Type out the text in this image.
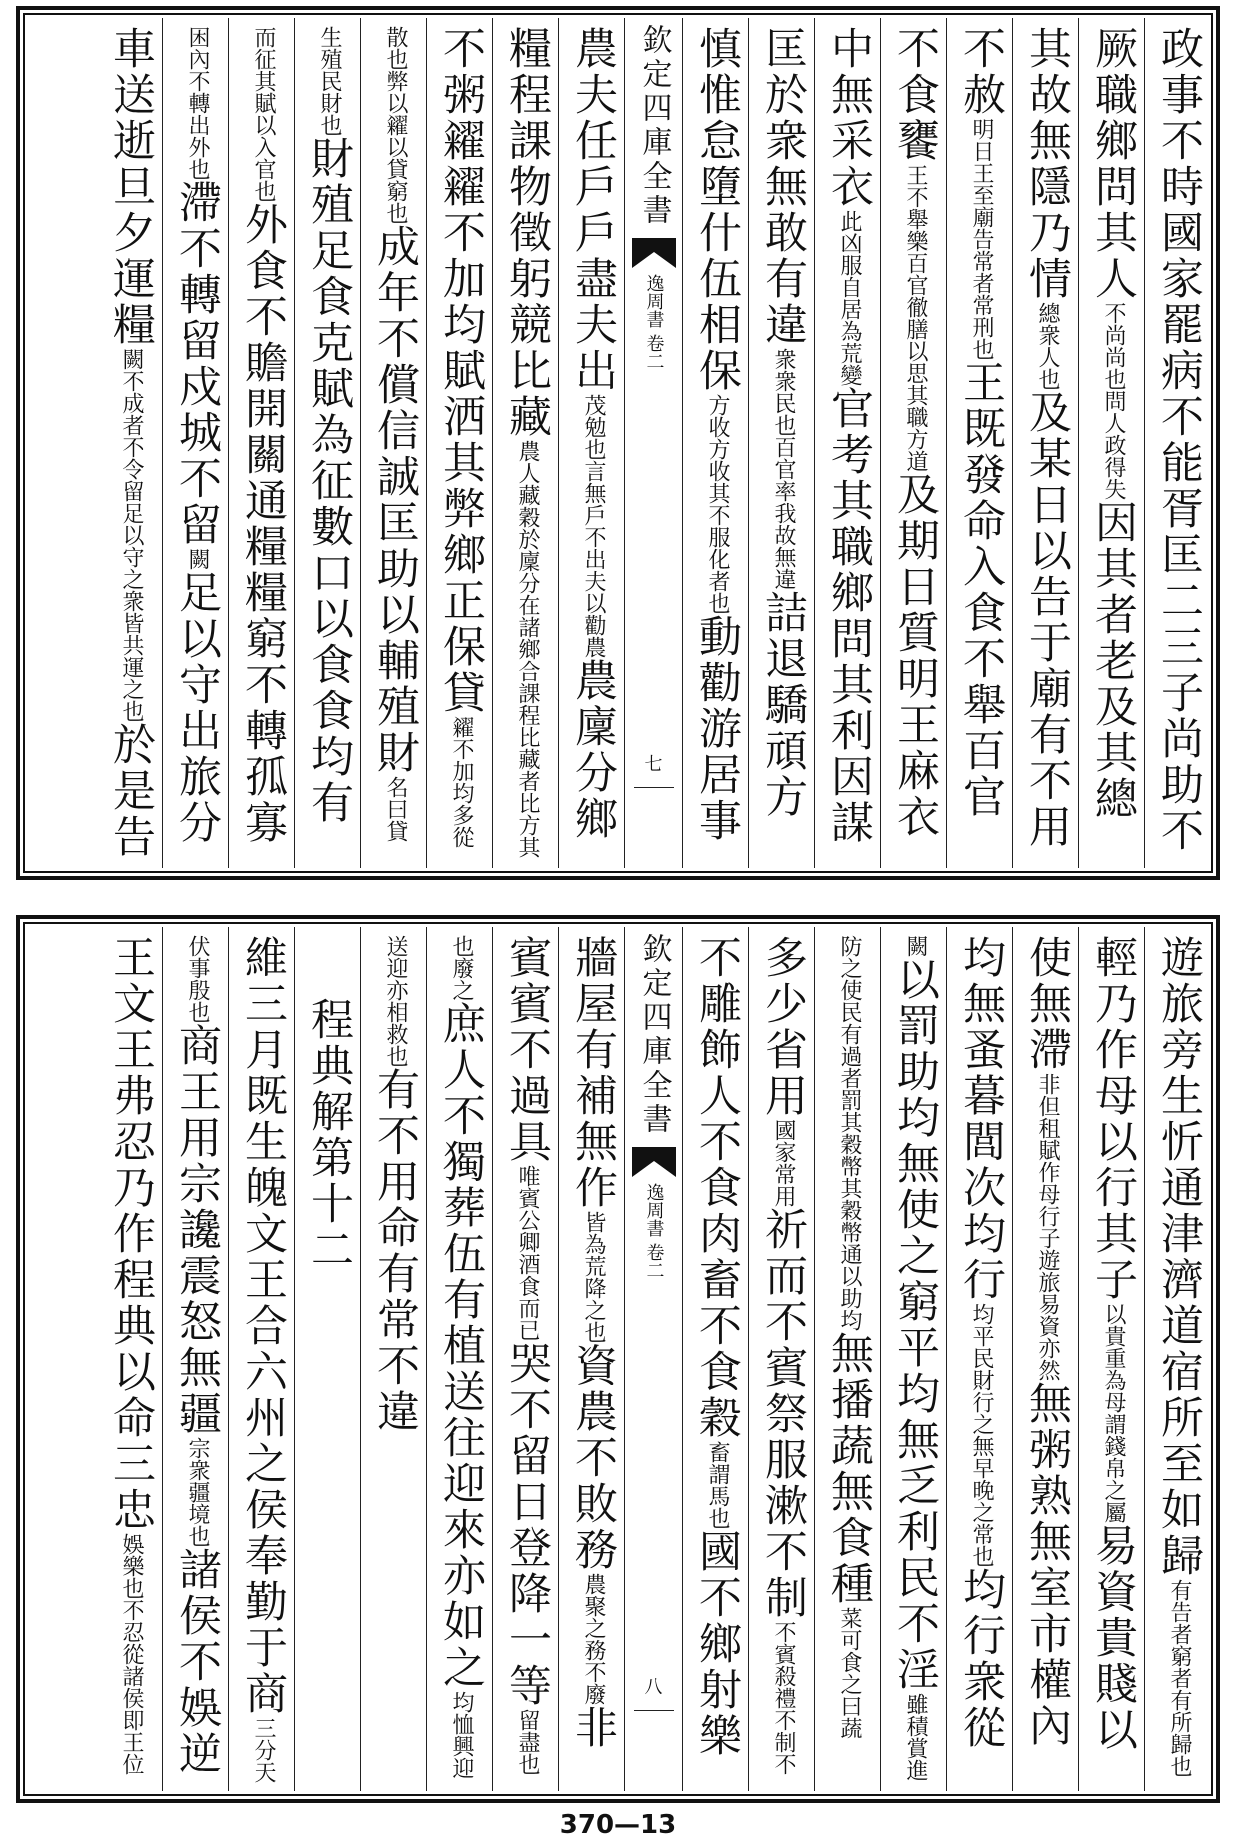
政事不時國家罷病不能胥匡二三子尚助不
厥職鄉問其人不尚尚也問人政得失因其者老及其總
其故無隱乃情總衆人也及某日以告于廟有不用
不赦明日王至廟告常者常刑也王既發命入食不舉百官
不食饔王不舉樂百官徹膳以思其職方道及期日質明王麻衣
中無采衣此凶服自居為荒變官考其職鄉問其利因謀
匡於衆無敢有違衆衆民也百官率我故無違詰退驕頑方
慎惟怠墮什伍相保方收方收其不服化者也動勸游居事
欽定四庫全書
逸周書
卷二
七
農夫任戶戶盡夫出茂勉也言無戶不出夫以勸農農廩分鄉
糧程課物徵躬競比藏農人藏穀於廩分在諸鄉合課程比藏者比方其
不粥糴糴不加均賦洒其弊鄉正保貸糴不加均多從
散也弊以糴以貸窮也成年不償信誠匡助以輔殖財名曰貸
生殖民財也財殖足食克賦為征數口以食食均有
而征其賦以入官也外食不贍開關通糧糧窮不轉孤寡
困內不轉出外也滯不轉留戍城不留闕足以守出旅分
車送逝旦夕運糧闕不成者不令留足以守之衆皆共運之也於是告
遊旅旁生忻通津濟道宿所至如歸有告者窮者有所歸也
輕乃作母以行其子以貴重為母謂錢帛之屬易資貴賤以
使無滯非但租賦作母行子遊旅易資亦然無粥熟無室市權內
均無蚤暮閭次均行均平民財行之無早晚之常也均行衆從
闕以罰助均無使之窮平均無乏利民不淫雖積賞進
防之使民有過者罰其穀幣其穀幣通以助均無播蔬無食種菜可食之曰蔬
多少省用國家常用祈而不賓祭服漱不制不賓殺禮不制不
不雕飾人不食肉畜不食穀畜謂馬也國不鄉射樂
欽定四庫全書
逸周書
卷二
八
牆屋有補無作皆為荒降之也資農不敗務農聚之務不廢非
賓賓不過具唯賓公卿酒食而已哭不留日登降一等留盡也
也廢之庶人不獨葬伍有植送往迎來亦如之均恤興迎
送迎亦相救也有不用命有常不違
程典解第十二
維三月既生魄文王合六州之侯奉勤于商三分天
伏事殷也商王用宗讒震怒無疆宗衆疆境也諸侯不娛逆
王文王弗忍乃作程典以命三忠娛樂也不忍從諸侯即王位
370—13
